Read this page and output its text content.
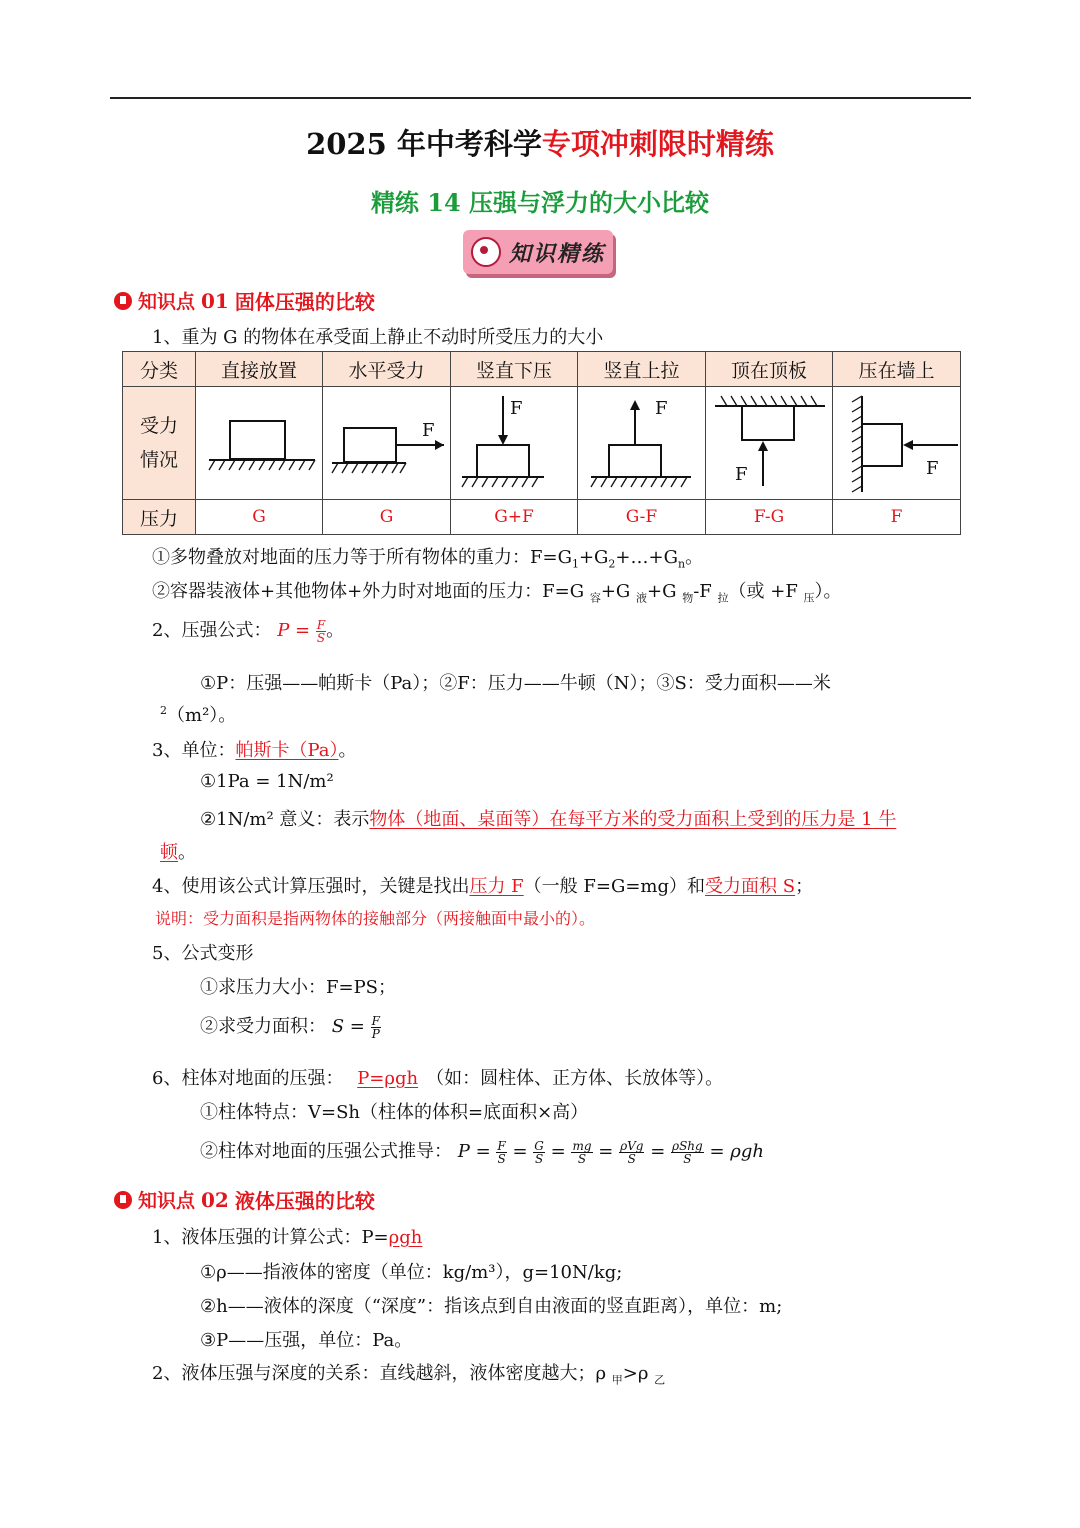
2025 年中考科学专项冲刺限时精练
精练 14 压强与浮力的大小比较
知识精练
知识点 01 固体压强的比较
1、重为 G 的物体在承受面上静止不动时所受压力的大小
分类	直接放置	水平受力	竖直下压	竖直上拉	顶在顶板	压在墙上

受力
情况		F	F	F	F	F

压力	G	G	G+F	G-F	F-G	F
①多物叠放对地面的压力等于所有物体的重力：$F=G_1+G_2+\dots+G_n$。
②容器装液体+其他物体+外力时对地面的压力：F=G $_容$+G $_液$+G $_物$-F $_拉$（或 +F $_压$）。
2、压强公式： $P = \frac{F}{S}$ 。
①P：压强——帕斯卡（Pa）；②F：压力——牛顿（N）；③S：受力面积——米
$^2$（m²）。
3、单位：帕斯卡（Pa）。
①1Pa = 1N/m²
②1N/m² 意义：表示物体（地面、桌面等）在每平方米的受力面积上受到的压力是 1 牛
顿。
4、使用该公式计算压强时，关键是找出压力 F（一般 F=G=mg）和受力面积 S；
说明：受力面积是指两物体的接触部分（两接触面中最小的）。
5、公式变形
①求压力大小：F=PS；
②求受力面积： $S = \frac{F}{P}$
6、柱体对地面的压强： P=ρgh （如：圆柱体、正方体、长放体等）。
①柱体特点：V=Sh（柱体的体积=底面积×高）
②柱体对地面的压强公式推导： $P = \frac{F}{S} = \frac{G}{S} = \frac{mg}{S} = \frac{\text{ρVg}}{S} = \frac{\text{ρShg}}{S} = \rho gh$
知识点 02 液体压强的比较
1、液体压强的计算公式：P=ρgh
①ρ——指液体的密度（单位：kg/m³），g=10N/kg;
②h——液体的深度（“深度”：指该点到自由液面的竖直距离），单位：m;
③P——压强，单位：Pa。
2、液体压强与深度的关系：直线越斜，液体密度越大；ρ $_甲$>ρ $_乙$
